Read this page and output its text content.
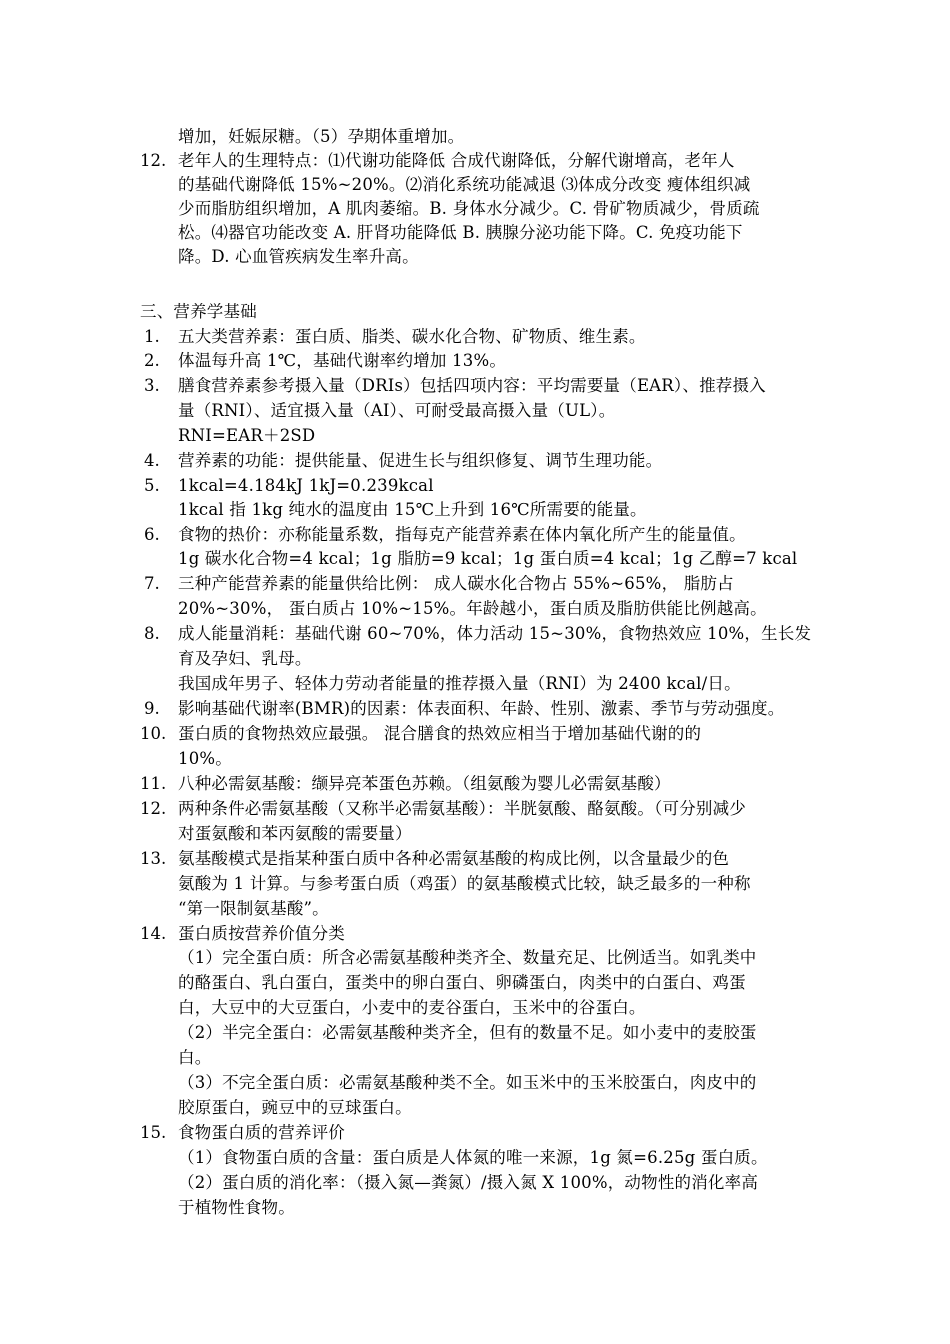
增加，妊娠尿糖。（5）孕期体重增加。
12. 老年人的生理特点：⑴代谢功能降低 合成代谢降低，分解代谢增高，老年人
的基础代谢降低 15%~20%。⑵消化系统功能减退 ⑶体成分改变 瘦体组织减
少而脂肪组织增加，A 肌肉萎缩。B. 身体水分减少。C. 骨矿物质减少，骨质疏
松。⑷器官功能改变 A. 肝肾功能降低 B. 胰腺分泌功能下降。C. 免疫功能下
降。D. 心血管疾病发生率升高。
三、营养学基础
1. 五大类营养素：蛋白质、脂类、碳水化合物、矿物质、维生素。
2. 体温每升高 1℃，基础代谢率约增加 13%。
3. 膳食营养素参考摄入量（DRIs）包括四项内容：平均需要量（EAR）、推荐摄入
量（RNI）、适宜摄入量（AI）、可耐受最高摄入量（UL）。
RNI=EAR＋2SD
4. 营养素的功能：提供能量、促进生长与组织修复、调节生理功能。
5. 1kcal=4.184kJ 1kJ=0.239kcal
1kcal 指 1kg 纯水的温度由 15℃上升到 16℃所需要的能量。
6. 食物的热价：亦称能量系数，指每克产能营养素在体内氧化所产生的能量值。
1g 碳水化合物=4 kcal；1g 脂肪=9 kcal；1g 蛋白质=4 kcal；1g 乙醇=7 kcal
7. 三种产能营养素的能量供给比例： 成人碳水化合物占 55%~65%， 脂肪占
20%~30%， 蛋白质占 10%~15%。年龄越小，蛋白质及脂肪供能比例越高。
8. 成人能量消耗：基础代谢 60~70%，体力活动 15~30%，食物热效应 10%，生长发
育及孕妇、乳母。
我国成年男子、轻体力劳动者能量的推荐摄入量（RNI）为 2400 kcal/日。
9. 影响基础代谢率(BMR)的因素：体表面积、年龄、性别、激素、季节与劳动强度。
10. 蛋白质的食物热效应最强。 混合膳食的热效应相当于增加基础代谢的的
10%。
11. 八种必需氨基酸：缬异亮苯蛋色苏赖。（组氨酸为婴儿必需氨基酸）
12. 两种条件必需氨基酸（又称半必需氨基酸）：半胱氨酸、酪氨酸。（可分别减少
对蛋氨酸和苯丙氨酸的需要量）
13. 氨基酸模式是指某种蛋白质中各种必需氨基酸的构成比例，以含量最少的色
氨酸为 1 计算。与参考蛋白质（鸡蛋）的氨基酸模式比较，缺乏最多的一种称
“第一限制氨基酸”。
14. 蛋白质按营养价值分类
（1）完全蛋白质：所含必需氨基酸种类齐全、数量充足、比例适当。如乳类中
的酪蛋白、乳白蛋白，蛋类中的卵白蛋白、卵磷蛋白，肉类中的白蛋白、鸡蛋
白，大豆中的大豆蛋白，小麦中的麦谷蛋白，玉米中的谷蛋白。
（2）半完全蛋白：必需氨基酸种类齐全，但有的数量不足。如小麦中的麦胶蛋
白。
（3）不完全蛋白质：必需氨基酸种类不全。如玉米中的玉米胶蛋白，肉皮中的
胶原蛋白，豌豆中的豆球蛋白。
15. 食物蛋白质的营养评价
（1）食物蛋白质的含量：蛋白质是人体氮的唯一来源，1g 氮=6.25g 蛋白质。
（2）蛋白质的消化率：（摄入氮—粪氮）/摄入氮 X 100%，动物性的消化率高
于植物性食物。
